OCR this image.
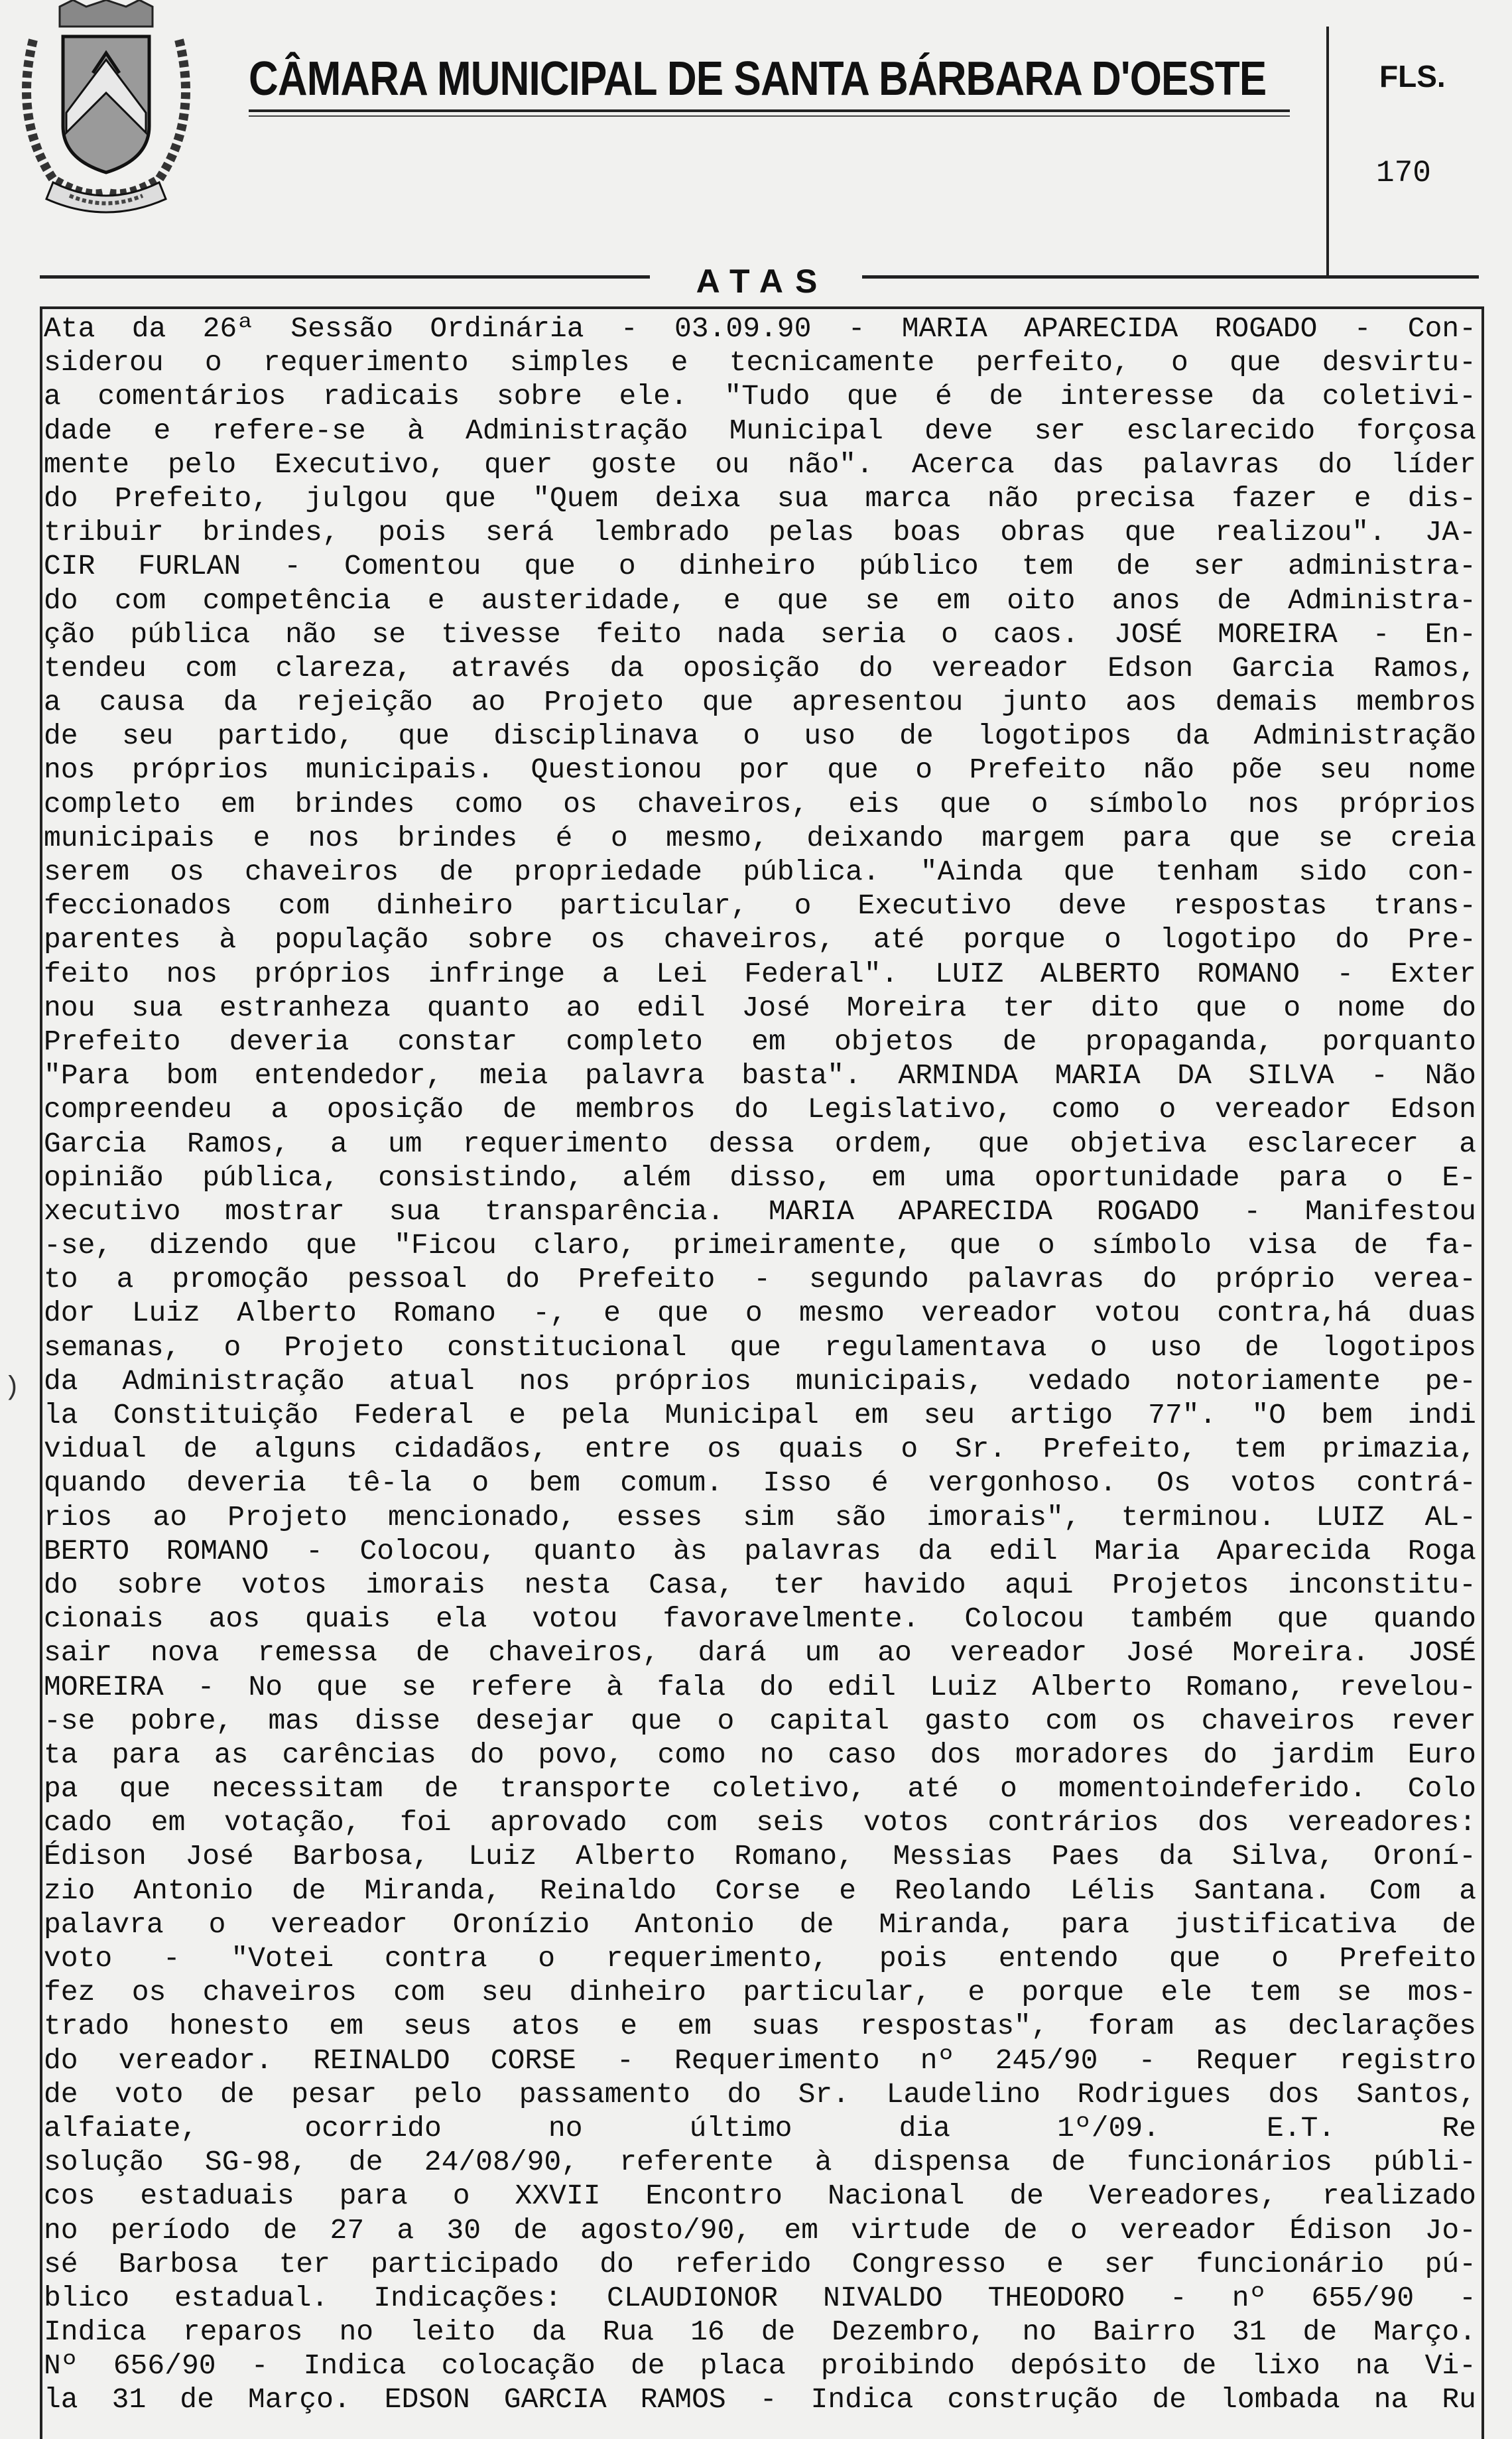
CÂMARA MUNICIPAL DE SANTA BÁRBARA D'OESTE	FLS.
170
ATAS
)
Ata da 26ª Sessão Ordinária - 03.09.90 - MARIA APARECIDA ROGADO - Con-
siderou o requerimento simples e tecnicamente perfeito, o que desvirtu-
a comentários radicais sobre ele. "Tudo que é de interesse da coletivi-
dade e refere-se à Administração Municipal deve ser esclarecido forçosa
mente pelo Executivo, quer goste ou não". Acerca das palavras do líder
do Prefeito, julgou que "Quem deixa sua marca não precisa fazer e dis-
tribuir brindes, pois será lembrado pelas boas obras que realizou". JA-
CIR FURLAN - Comentou que o dinheiro público tem de ser administra-
do com competência e austeridade, e que se em oito anos de Administra-
ção pública não se tivesse feito nada seria o caos. JOSÉ MOREIRA - En-
tendeu com clareza, através da oposição do vereador Edson Garcia Ramos,
a causa da rejeição ao Projeto que apresentou junto aos demais membros
de seu partido, que disciplinava o uso de logotipos da Administração
nos próprios municipais. Questionou por que o Prefeito não põe seu nome
completo em brindes como os chaveiros, eis que o símbolo nos próprios
municipais e nos brindes é o mesmo, deixando margem para que se creia
serem os chaveiros de propriedade pública. "Ainda que tenham sido con-
feccionados com dinheiro particular, o Executivo deve respostas trans-
parentes à população sobre os chaveiros, até porque o logotipo do Pre-
feito nos próprios infringe a Lei Federal". LUIZ ALBERTO ROMANO - Exter
nou sua estranheza quanto ao edil José Moreira ter dito que o nome do
Prefeito deveria constar completo em objetos de propaganda, porquanto
"Para bom entendedor, meia palavra basta". ARMINDA MARIA DA SILVA - Não
compreendeu a oposição de membros do Legislativo, como o vereador Edson
Garcia Ramos, a um requerimento dessa ordem, que objetiva esclarecer a
opinião pública, consistindo, além disso, em uma oportunidade para o E-
xecutivo mostrar sua transparência. MARIA APARECIDA ROGADO - Manifestou
-se, dizendo que "Ficou claro, primeiramente, que o símbolo visa de fa-
to a promoção pessoal do Prefeito - segundo palavras do próprio verea-
dor Luiz Alberto Romano -, e que o mesmo vereador votou contra,há duas
semanas, o Projeto constitucional que regulamentava o uso de logotipos
da Administração atual nos próprios municipais, vedado notoriamente pe-
la Constituição Federal e pela Municipal em seu artigo 77". "O bem indi
vidual de alguns cidadãos, entre os quais o Sr. Prefeito, tem primazia,
quando deveria tê-la o bem comum. Isso é vergonhoso. Os votos contrá-
rios ao Projeto mencionado, esses sim são imorais", terminou. LUIZ AL-
BERTO ROMANO - Colocou, quanto às palavras da edil Maria Aparecida Roga
do sobre votos imorais nesta Casa, ter havido aqui Projetos inconstitu-
cionais aos quais ela votou favoravelmente. Colocou também que quando
sair nova remessa de chaveiros, dará um ao vereador José Moreira. JOSÉ
MOREIRA - No que se refere à fala do edil Luiz Alberto Romano, revelou-
-se pobre, mas disse desejar que o capital gasto com os chaveiros rever
ta para as carências do povo, como no caso dos moradores do jardim Euro
pa que necessitam de transporte coletivo, até o momentoindeferido. Colo
cado em votação, foi aprovado com seis votos contrários dos vereadores:
Édison José Barbosa, Luiz Alberto Romano, Messias Paes da Silva, Oroní-
zio Antonio de Miranda, Reinaldo Corse e Reolando Lélis Santana. Com a
palavra o vereador Oronízio Antonio de Miranda, para justificativa de
voto - "Votei contra o requerimento, pois entendo que o Prefeito
fez os chaveiros com seu dinheiro particular, e porque ele tem se mos-
trado honesto em seus atos e em suas respostas", foram as declarações
do vereador. REINALDO CORSE - Requerimento nº 245/90 - Requer registro
de voto de pesar pelo passamento do Sr. Laudelino Rodrigues dos Santos,
alfaiate, ocorrido no último dia 1º/09. E.T. Re
solução SG-98, de 24/08/90, referente à dispensa de funcionários públi-
cos estaduais para o XXVII Encontro Nacional de Vereadores, realizado
no período de 27 a 30 de agosto/90, em virtude de o vereador Édison Jo-
sé Barbosa ter participado do referido Congresso e ser funcionário pú-
blico estadual. Indicações: CLAUDIONOR NIVALDO THEODORO - nº 655/90 -
Indica reparos no leito da Rua 16 de Dezembro, no Bairro 31 de Março.
Nº 656/90 - Indica colocação de placa proibindo depósito de lixo na Vi-
la 31 de Março. EDSON GARCIA RAMOS - Indica construção de lombada na Ru
